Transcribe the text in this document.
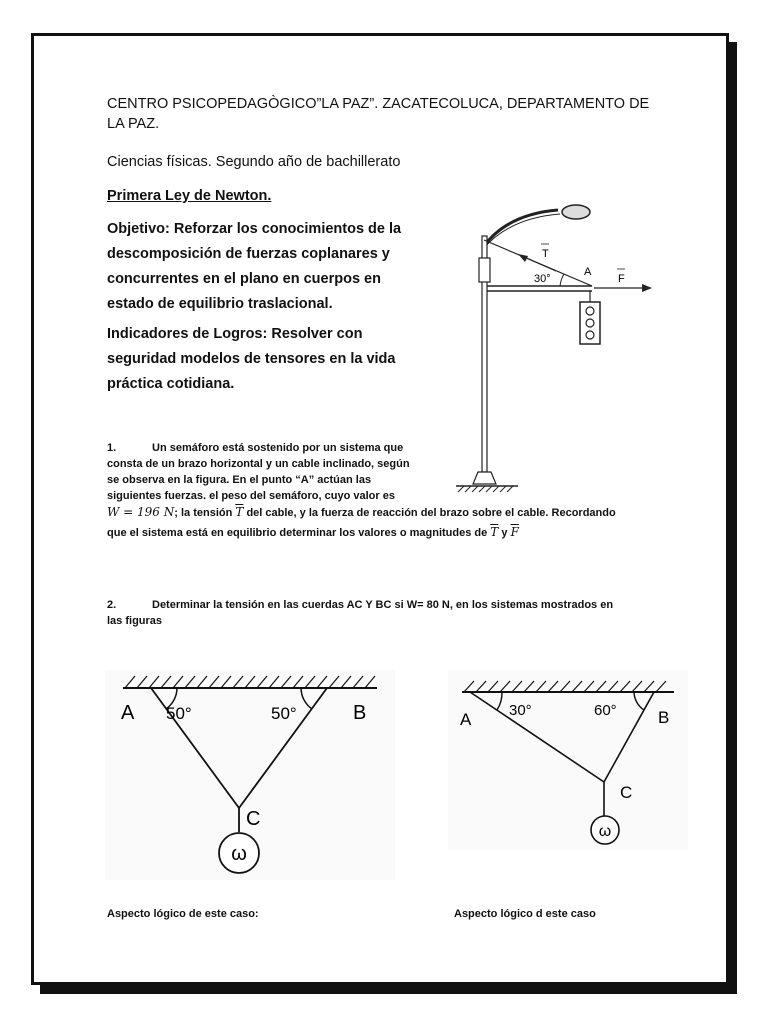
CENTRO PSICOPEDAGÒGICO”LA PAZ”. ZACATECOLUCA, DEPARTAMENTO DE
LA PAZ.
Ciencias físicas. Segundo año de bachillerato
Primera Ley de Newton.
Objetivo: Reforzar los conocimientos de la
descomposición de fuerzas coplanares y
concurrentes en el plano en cuerpos en
estado de equilibrio traslacional.
Indicadores de Logros: Resolver con
seguridad modelos de tensores en la vida
práctica cotidiana.
T
F
A
30°
1.	Un semáforo está sostenido por un sistema que
consta de un brazo horizontal y un cable inclinado, según
se observa en la figura. En el punto “A” actúan las
siguientes fuerzas. el peso del semáforo, cuyo valor es
W = 196 N; la tensión $\overline{T}$ del cable, y la fuerza de reacción del brazo sobre el cable. Recordando
que el sistema está en equilibrio determinar los valores o magnitudes de $\overline{T}$ y $\overline{F}$
2.	Determinar la tensión en las cuerdas AC Y BC si W= 80 N, en los sistemas mostrados en
las figuras
A 50°	50°	B
C
ω
A	30°	60° B
C
ω
Aspecto lógico de este caso:	Aspecto lógico d este caso
